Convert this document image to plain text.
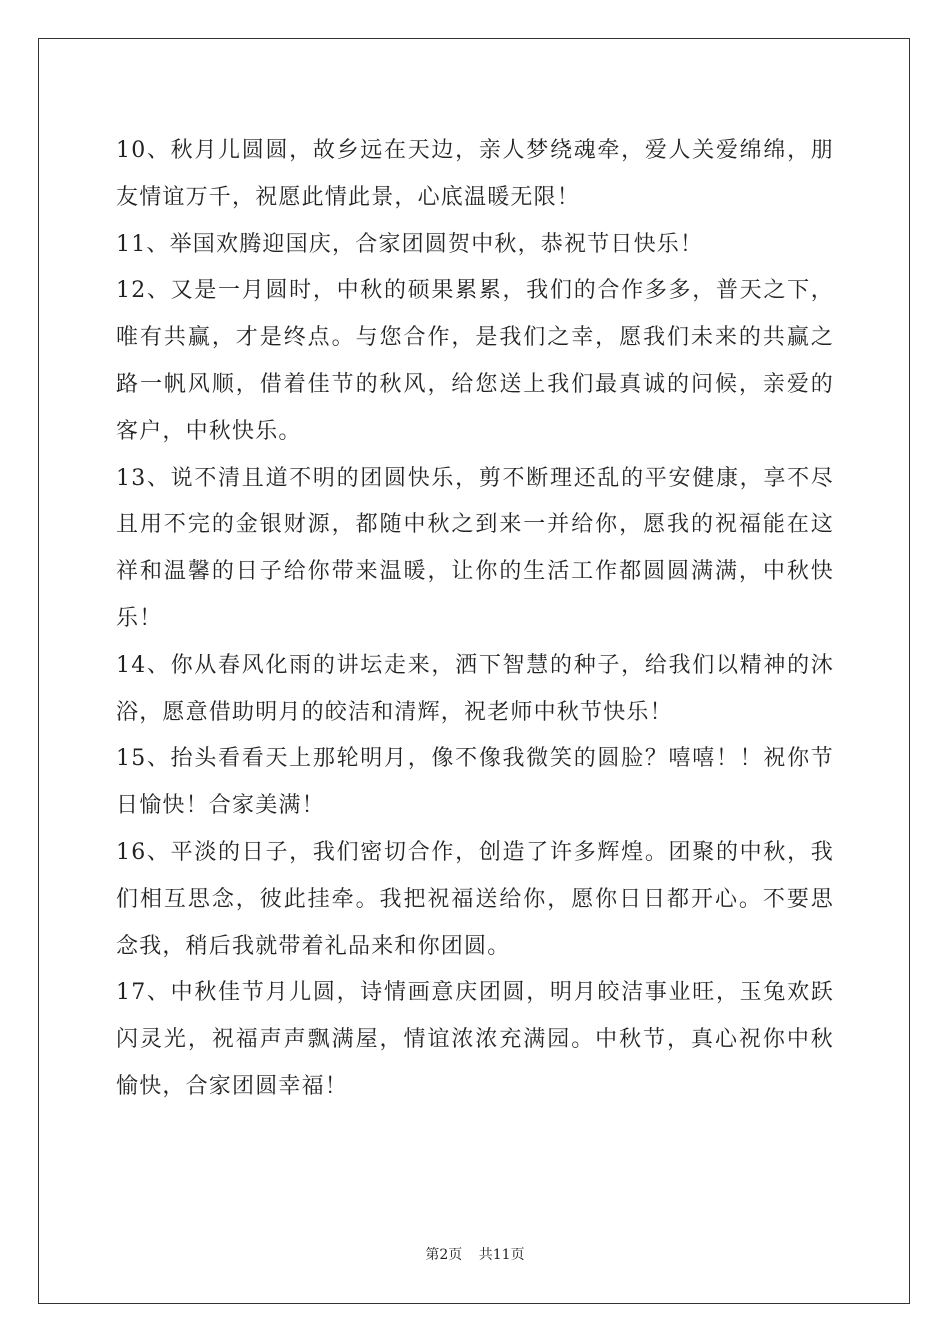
10、秋月儿圆圆，故乡远在天边，亲人梦绕魂牵，爱人关爱绵绵，朋友情谊万千，祝愿此情此景，心底温暖无限！

11、举国欢腾迎国庆，合家团圆贺中秋，恭祝节日快乐！

12、又是一月圆时，中秋的硕果累累，我们的合作多多，普天之下，唯有共赢，才是终点。与您合作，是我们之幸，愿我们未来的共赢之路一帆风顺，借着佳节的秋风，给您送上我们最真诚的问候，亲爱的客户，中秋快乐。

13、说不清且道不明的团圆快乐，剪不断理还乱的平安健康，享不尽且用不完的金银财源，都随中秋之到来一并给你，愿我的祝福能在这祥和温馨的日子给你带来温暖，让你的生活工作都圆圆满满，中秋快乐！

14、你从春风化雨的讲坛走来，洒下智慧的种子，给我们以精神的沐浴，愿意借助明月的皎洁和清辉，祝老师中秋节快乐！

15、抬头看看天上那轮明月，像不像我微笑的圆脸？嘻嘻！！祝你节日愉快！合家美满！

16、平淡的日子，我们密切合作，创造了许多辉煌。团聚的中秋，我们相互思念，彼此挂牵。我把祝福送给你，愿你日日都开心。不要思念我，稍后我就带着礼品来和你团圆。

17、中秋佳节月儿圆，诗情画意庆团圆，明月皎洁事业旺，玉兔欢跃闪灵光，祝福声声飘满屋，情谊浓浓充满园。中秋节，真心祝你中秋愉快，合家团圆幸福！

第2页 共11页
